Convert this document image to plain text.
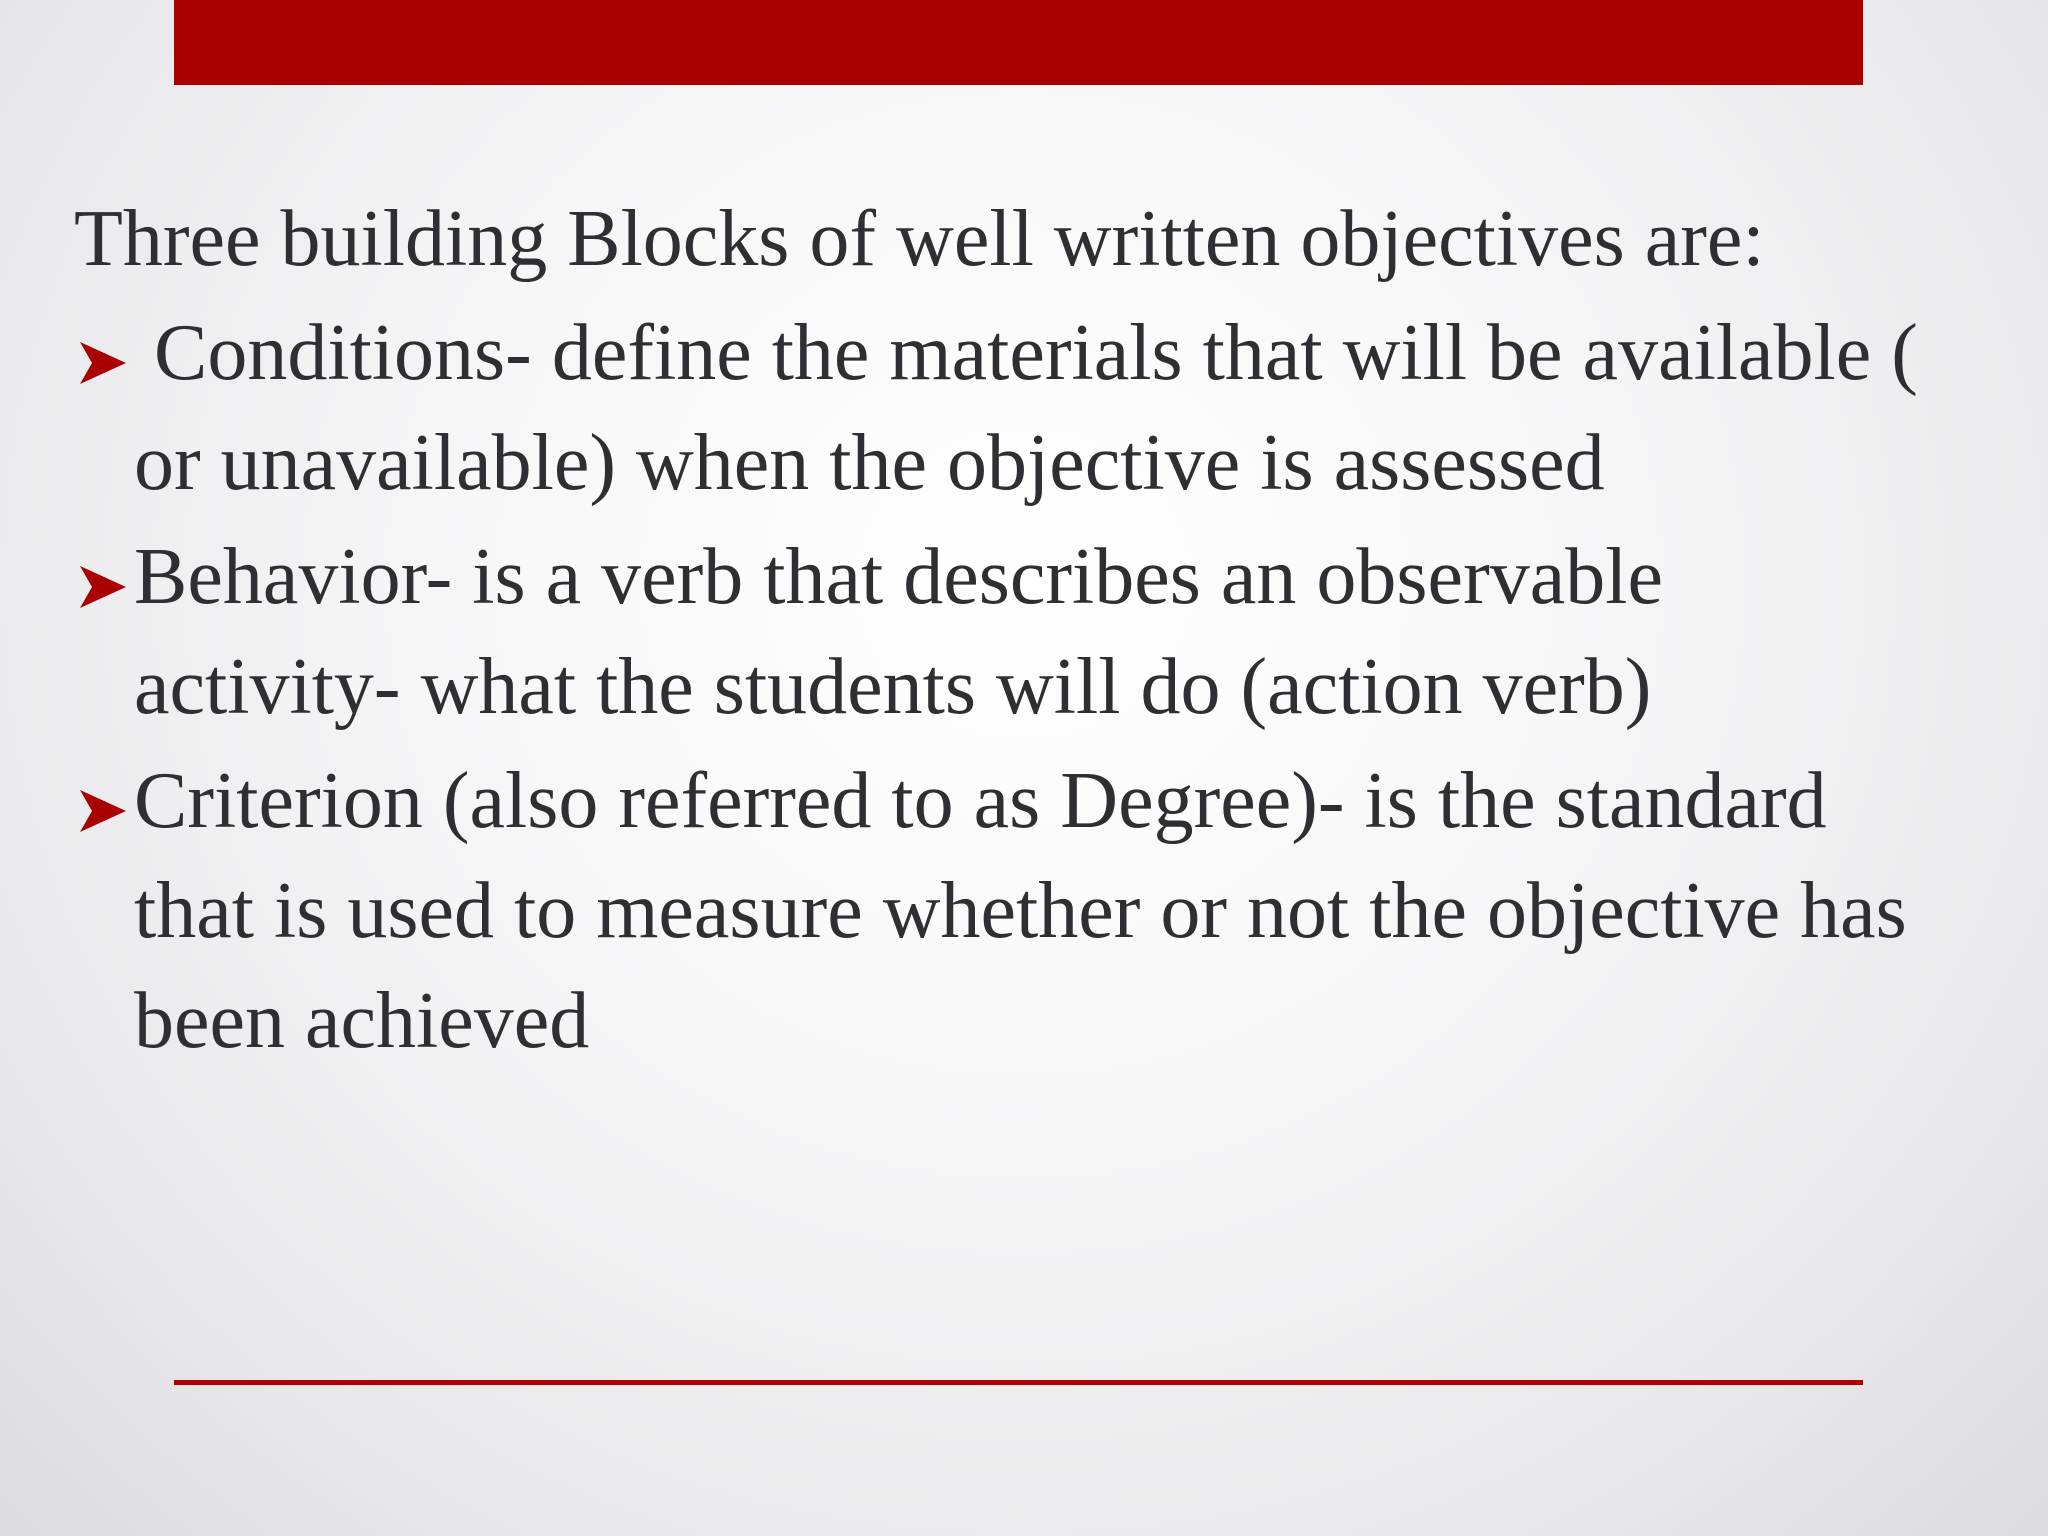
Three building Blocks of well written objectives are:
Conditions- define the materials that will be available ( or unavailable) when the objective is assessed
Behavior- is a verb that describes an observable activity- what the students will do (action verb)
Criterion (also referred to as Degree)- is the standard that is used to measure whether or not the objective has been achieved
